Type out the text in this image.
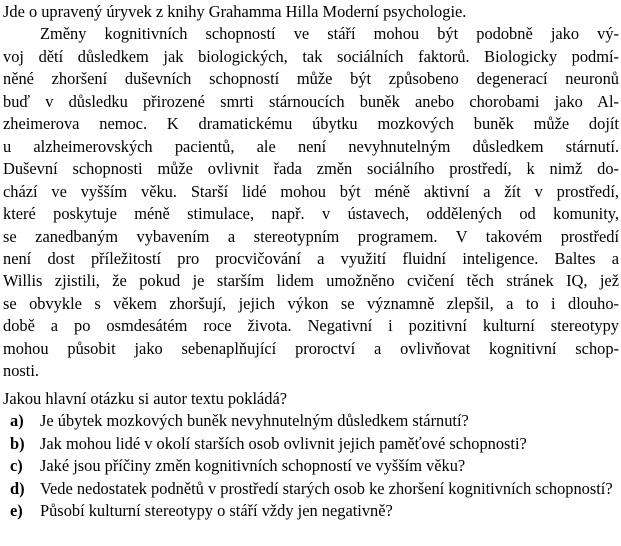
Jde o upravený úryvek z knihy Grahamma Hilla Moderní psychologie.

Změny kognitivních schopností ve stáří mohou být podobně jako vý-

voj dětí důsledkem jak biologických, tak sociálních faktorů. Biologicky podmí-

něné zhoršení duševních schopností může být způsobeno degenerací neuronů

buď v důsledku přirozené smrti stárnoucích buněk anebo chorobami jako Al-

zheimerova nemoc. K dramatickému úbytku mozkových buněk může dojít

u alzheimerovských pacientů, ale není nevyhnutelným důsledkem stárnutí.

Duševní schopnosti může ovlivnit řada změn sociálního prostředí, k nimž do-

chází ve vyšším věku. Starší lidé mohou být méně aktivní a žít v prostředí,

které poskytuje méně stimulace, např. v ústavech, oddělených od komunity,

se zanedbaným vybavením a stereotypním programem. V takovém prostředí

není dost příležitostí pro procvičování a využití fluidní inteligence. Baltes a

Willis zjistili, že pokud je starším lidem umožněno cvičení těch stránek IQ, jež

se obvykle s věkem zhoršují, jejich výkon se významně zlepšil, a to i dlouho-

době a po osmdesátém roce života. Negativní i pozitivní kulturní stereotypy

mohou působit jako sebenaplňující proroctví a ovlivňovat kognitivní schop-

nosti.

Jakou hlavní otázku si autor textu pokládá?

a) Je úbytek mozkových buněk nevyhnutelným důsledkem stárnutí?
b) Jak mohou lidé v okolí starších osob ovlivnit jejich paměťové schopnosti?
c) Jaké jsou příčiny změn kognitivních schopností ve vyšším věku?
d) Vede nedostatek podnětů v prostředí starých osob ke zhoršení kognitivních schopností?
e) Působí kulturní stereotypy o stáří vždy jen negativně?
